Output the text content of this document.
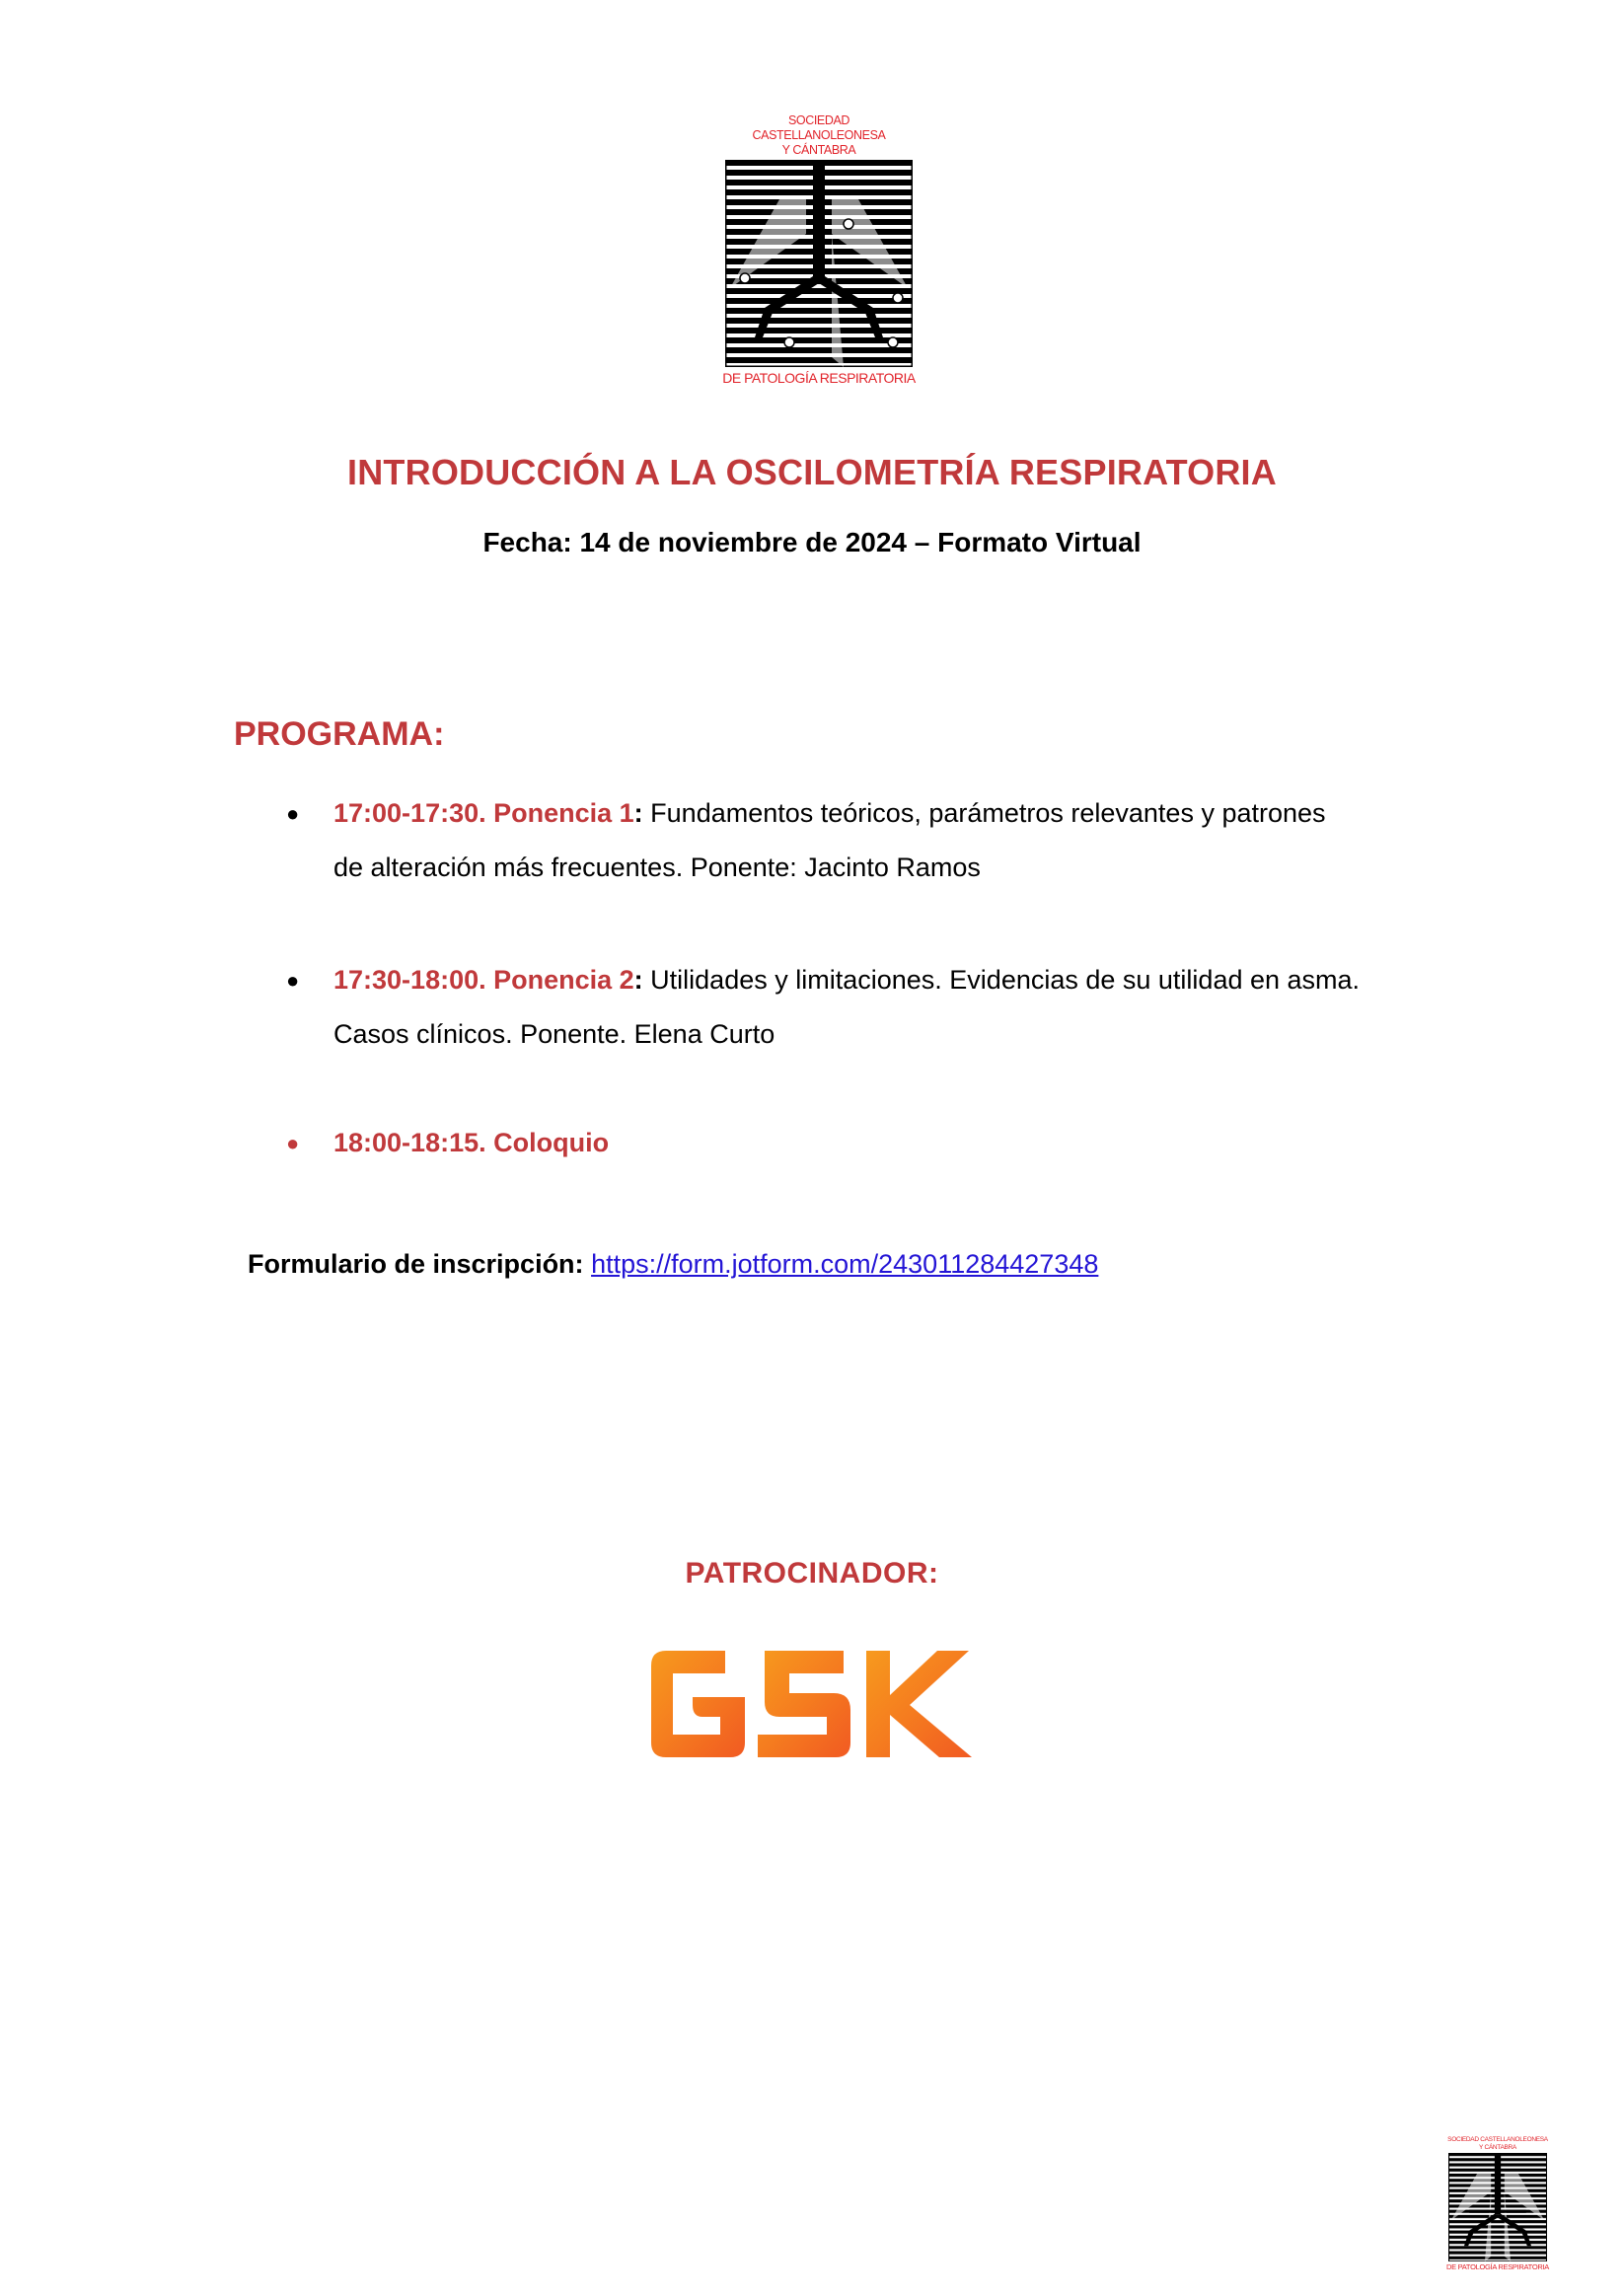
SOCIEDAD CASTELLANOLEONESA
Y CÁNTABRA
DE PATOLOGÍA RESPIRATORIA
INTRODUCCIÓN A LA OSCILOMETRÍA RESPIRATORIA
Fecha: 14 de noviembre de 2024 – Formato Virtual
PROGRAMA:
● 17:00-17:30. Ponencia 1: Fundamentos teóricos, parámetros relevantes y patrones
de alteración más frecuentes. Ponente: Jacinto Ramos
● 17:30-18:00. Ponencia 2: Utilidades y limitaciones. Evidencias de su utilidad en asma.
Casos clínicos. Ponente. Elena Curto
● 18:00-18:15. Coloquio
Formulario de inscripción: https://form.jotform.com/243011284427348
PATROCINADOR:
SOCIEDAD CASTELLANOLEONESA
Y CÁNTABRA
DE PATOLOGÍA RESPIRATORIA
